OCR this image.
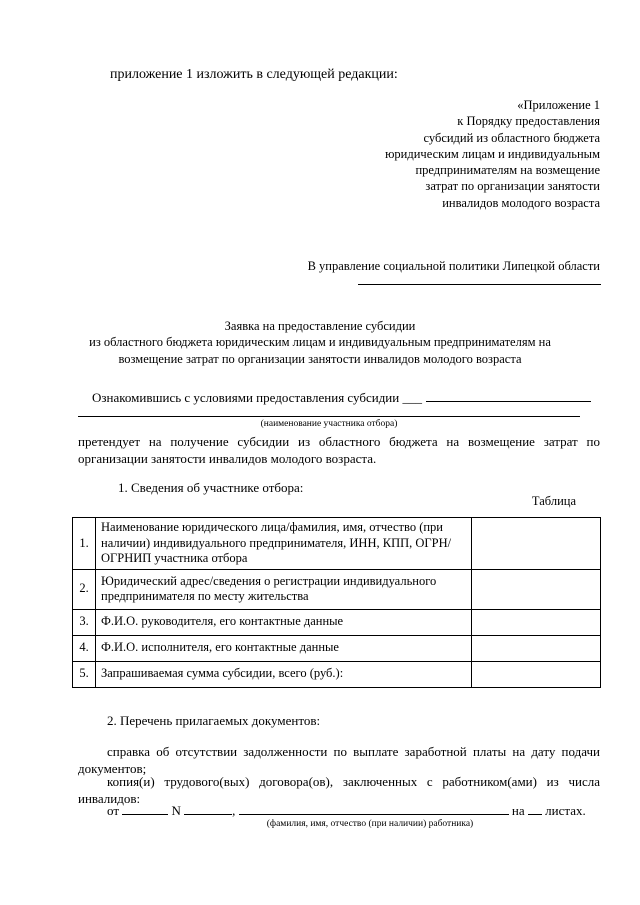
приложение 1 изложить в следующей редакции:
«Приложение 1
к Порядку предоставления
субсидий из областного бюджета
юридическим лицам и индивидуальным
предпринимателям на возмещение
затрат по организации занятости
инвалидов молодого возраста
В управление социальной политики Липецкой области
Заявка на предоставление субсидии
из областного бюджета юридическим лицам и индивидуальным предпринимателям на
возмещение затрат по организации занятости инвалидов молодого возраста
Ознакомившись с условиями предоставления субсидии ___
(наименование участника отбора)
претендует на получение субсидии из областного бюджета на возмещение затрат по организации занятости инвалидов молодого возраста.
1. Сведения об участнике отбора:
Таблица
1.	Наименование юридического лица/фамилия, имя, отчество (при наличии) индивидуального предпринимателя, ИНН, КПП, ОГРН/ОГРНИП участника отбора	
2.	Юридический адрес/сведения о регистрации индивидуального предпринимателя по месту жительства	
3.	Ф.И.О. руководителя, его контактные данные	
4.	Ф.И.О. исполнителя, его контактные данные	
5.	Запрашиваемая сумма субсидии, всего (руб.):	
2. Перечень прилагаемых документов:
справка об отсутствии задолженности по выплате заработной платы на дату подачи документов;
копия(и) трудового(вых) договора(ов), заключенных с работником(ами) из числа инвалидов:
от	N	,	на листах.
(фамилия, имя, отчество (при наличии) работника)
